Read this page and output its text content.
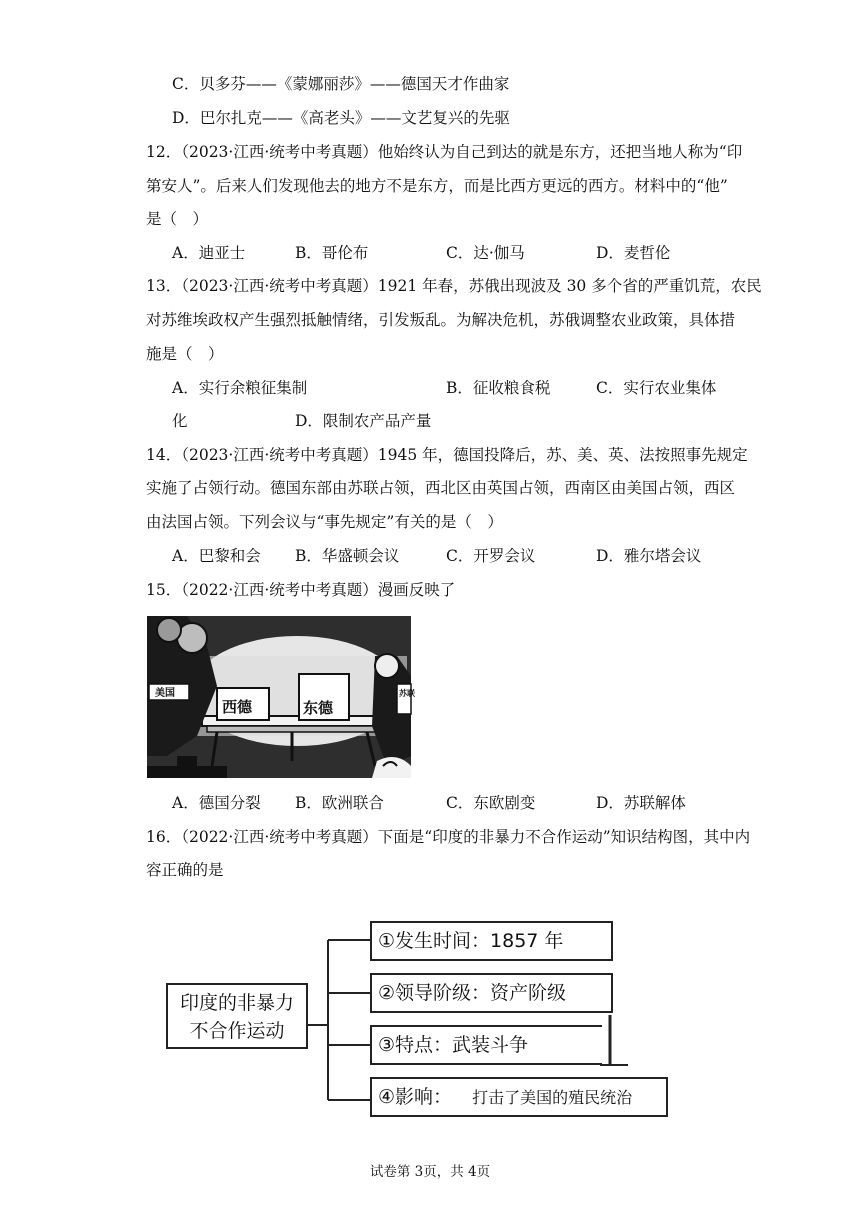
C．贝多芬——《蒙娜丽莎》——德国天才作曲家
D．巴尔扎克——《高老头》——文艺复兴的先驱
12．（2023·江西·统考中考真题）他始终认为自己到达的就是东方，还把当地人称为“印
第安人”。后来人们发现他去的地方不是东方，而是比西方更远的西方。材料中的“他”
是（　）
A．迪亚士	B．哥伦布	C．达·伽马	D．麦哲伦
13．（2023·江西·统考中考真题）1921 年春，苏俄出现波及 30 多个省的严重饥荒，农民
对苏维埃政权产生强烈抵触情绪，引发叛乱。为解决危机，苏俄调整农业政策，具体措
施是（　）
A．实行余粮征集制	B．征收粮食税	C．实行农业集体
化	D．限制农产品产量
14．（2023·江西·统考中考真题）1945 年，德国投降后，苏、美、英、法按照事先规定
实施了占领行动。德国东部由苏联占领，西北区由英国占领，西南区由美国占领，西区
由法国占领。下列会议与“事先规定”有关的是（　）
A．巴黎和会 B．华盛顿会议	C．开罗会议	D．雅尔塔会议
15．（2022·江西·统考中考真题）漫画反映了
美国
西德	东德
苏联
A．德国分裂 B．欧洲联合	C．东欧剧变	D．苏联解体
16．（2022·江西·统考中考真题）下面是“印度的非暴力不合作运动”知识结构图，其中内
容正确的是
印度的非暴力
不合作运动
①发生时间：1857 年
②领导阶级：资产阶级
③特点：武装斗争
④影响： 打击了美国的殖民统治
试卷第 3页，共 4页
